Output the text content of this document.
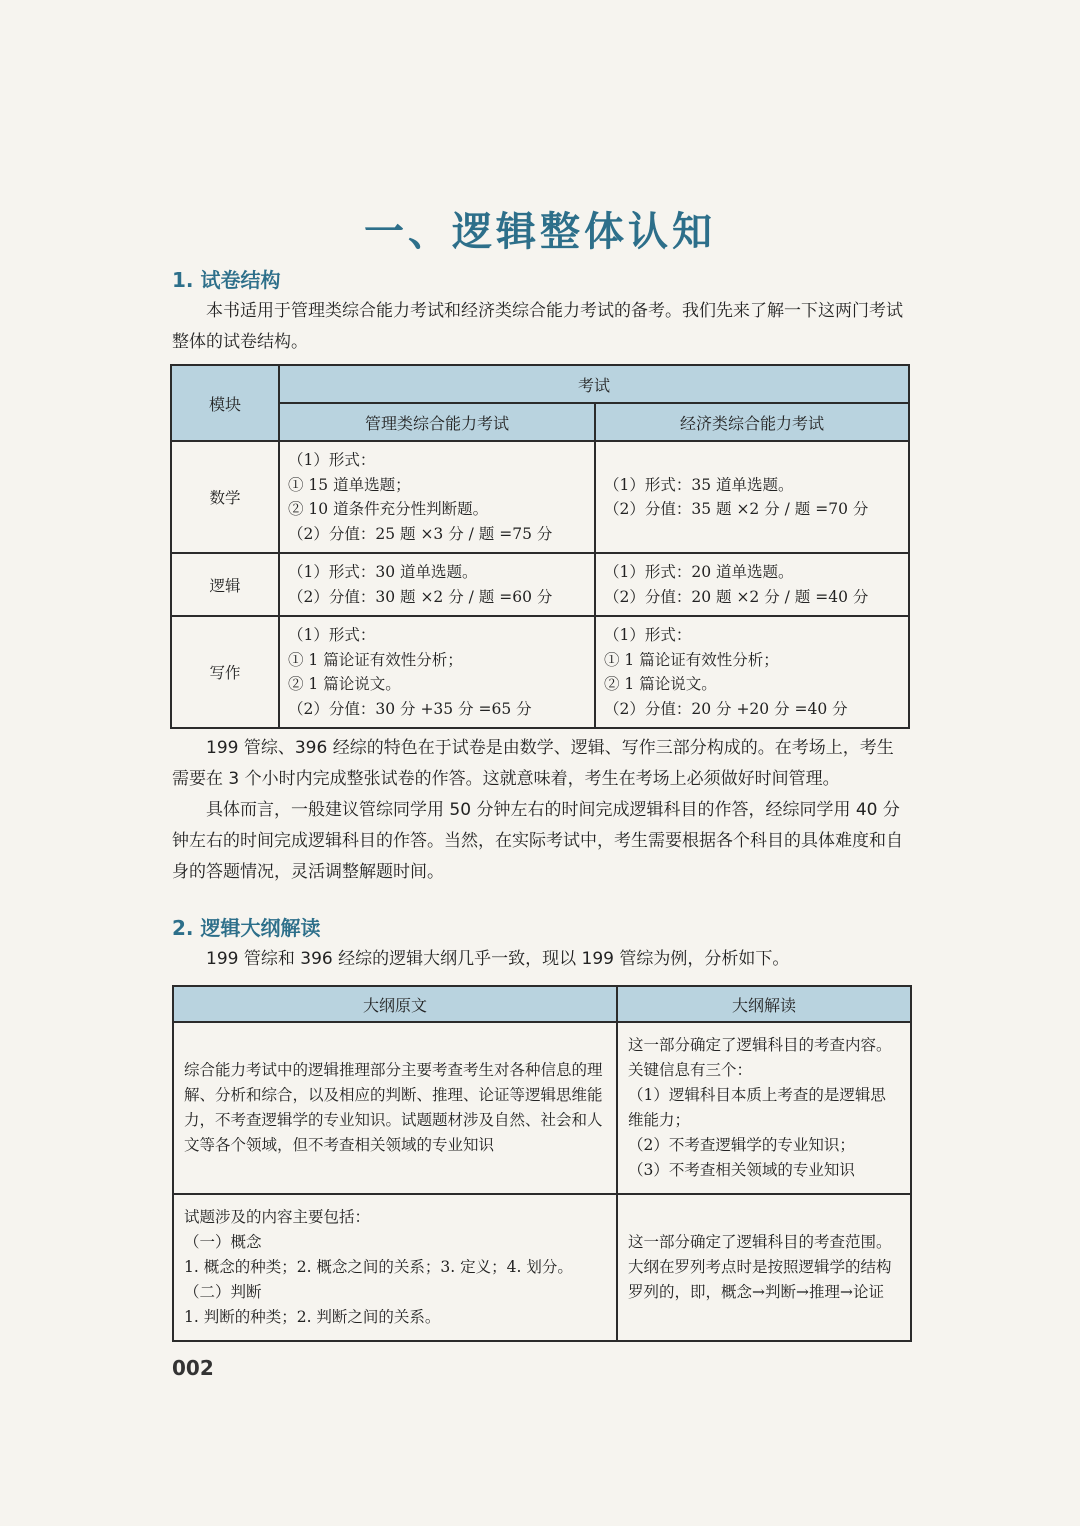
一、逻辑整体认知
1. 试卷结构

本书适用于管理类综合能力考试和经济类综合能力考试的备考。我们先来了解一下这两门考试整体的试卷结构。

模块	考试	
	管理类综合能力考试	经济类综合能力考试
数学	（1）形式：
① 15 道单选题；
② 10 道条件充分性判断题。
（2）分值：25 题 ×3 分 / 题 =75 分	（1）形式：35 道单选题。
（2）分值：35 题 ×2 分 / 题 =70 分

逻辑	（1）形式：30 道单选题。
（2）分值：30 题 ×2 分 / 题 =60 分	（1）形式：20 道单选题。
（2）分值：20 题 ×2 分 / 题 =40 分

写作	（1）形式：
① 1 篇论证有效性分析；
② 1 篇论说文。
（2）分值：30 分 +35 分 =65 分	（1）形式：
① 1 篇论证有效性分析；
② 1 篇论说文。
（2）分值：20 分 +20 分 =40 分

199 管综、396 经综的特色在于试卷是由数学、逻辑、写作三部分构成的。在考场上，考生需要在 3 个小时内完成整张试卷的作答。这就意味着，考生在考场上必须做好时间管理。

具体而言，一般建议管综同学用 50 分钟左右的时间完成逻辑科目的作答，经综同学用 40 分钟左右的时间完成逻辑科目的作答。当然，在实际考试中，考生需要根据各个科目的具体难度和自身的答题情况，灵活调整解题时间。

2. 逻辑大纲解读

199 管综和 396 经综的逻辑大纲几乎一致，现以 199 管综为例，分析如下。

大纲原文	大纲解读

综合能力考试中的逻辑推理部分主要考查考生对各种信息的理解、分析和综合，以及相应的判断、推理、论证等逻辑思维能力，不考查逻辑学的专业知识。试题题材涉及自然、社会和人文等各个领域，但不考查相关领域的专业知识	这一部分确定了逻辑科目的考查内容。关键信息有三个：
（1）逻辑科目本质上考查的是逻辑思维能力；
（2）不考查逻辑学的专业知识；
（3）不考查相关领域的专业知识

试题涉及的内容主要包括：
（一）概念
1. 概念的种类；2. 概念之间的关系；3. 定义；4. 划分。
（二）判断
1. 判断的种类；2. 判断之间的关系。	这一部分确定了逻辑科目的考查范围。大纲在罗列考点时是按照逻辑学的结构罗列的，即，概念→判断→推理→论证
002
